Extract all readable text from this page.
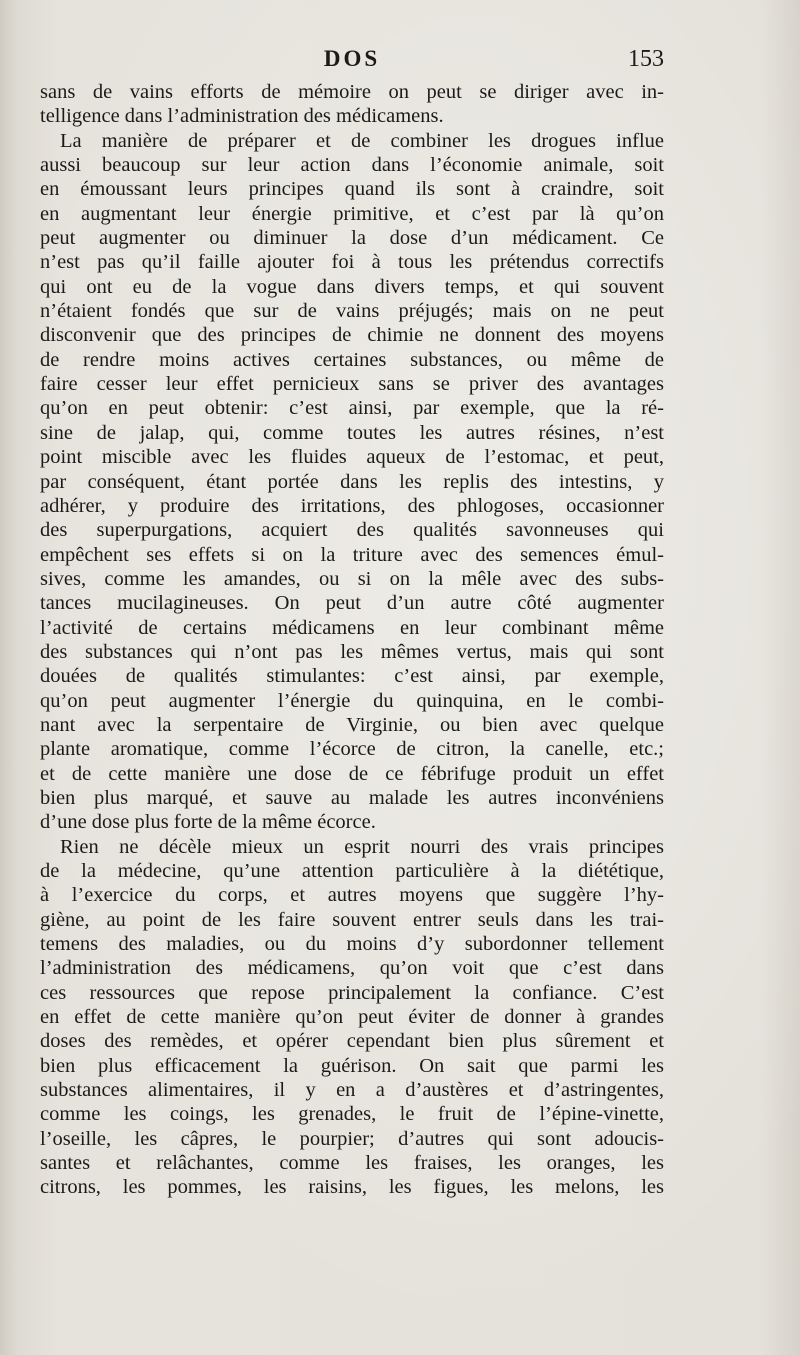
DOS	153
sans de vains efforts de mémoire on peut se diriger avec in-
telligence dans l’administration des médicamens.
La manière de préparer et de combiner les drogues influe
aussi beaucoup sur leur action dans l’économie animale, soit
en émoussant leurs principes quand ils sont à craindre, soit
en augmentant leur énergie primitive, et c’est par là qu’on
peut augmenter ou diminuer la dose d’un médicament. Ce
n’est pas qu’il faille ajouter foi à tous les prétendus correctifs
qui ont eu de la vogue dans divers temps, et qui souvent
n’étaient fondés que sur de vains préjugés; mais on ne peut
disconvenir que des principes de chimie ne donnent des moyens
de rendre moins actives certaines substances, ou même de
faire cesser leur effet pernicieux sans se priver des avantages
qu’on en peut obtenir: c’est ainsi, par exemple, que la ré-
sine de jalap, qui, comme toutes les autres résines, n’est
point miscible avec les fluides aqueux de l’estomac, et peut,
par conséquent, étant portée dans les replis des intestins, y
adhérer, y produire des irritations, des phlogoses, occasionner
des superpurgations, acquiert des qualités savonneuses qui
empêchent ses effets si on la triture avec des semences émul-
sives, comme les amandes, ou si on la mêle avec des subs-
tances mucilagineuses. On peut d’un autre côté augmenter
l’activité de certains médicamens en leur combinant même
des substances qui n’ont pas les mêmes vertus, mais qui sont
douées de qualités stimulantes: c’est ainsi, par exemple,
qu’on peut augmenter l’énergie du quinquina, en le combi-
nant avec la serpentaire de Virginie, ou bien avec quelque
plante aromatique, comme l’écorce de citron, la canelle, etc.;
et de cette manière une dose de ce fébrifuge produit un effet
bien plus marqué, et sauve au malade les autres inconvéniens
d’une dose plus forte de la même écorce.
Rien ne décèle mieux un esprit nourri des vrais principes
de la médecine, qu’une attention particulière à la diététique,
à l’exercice du corps, et autres moyens que suggère l’hy-
giène, au point de les faire souvent entrer seuls dans les trai-
temens des maladies, ou du moins d’y subordonner tellement
l’administration des médicamens, qu’on voit que c’est dans
ces ressources que repose principalement la confiance. C’est
en effet de cette manière qu’on peut éviter de donner à grandes
doses des remèdes, et opérer cependant bien plus sûrement et
bien plus efficacement la guérison. On sait que parmi les
substances alimentaires, il y en a d’austères et d’astringentes,
comme les coings, les grenades, le fruit de l’épine-vinette,
l’oseille, les câpres, le pourpier; d’autres qui sont adoucis-
santes et relâchantes, comme les fraises, les oranges, les
citrons, les pommes, les raisins, les figues, les melons, les
